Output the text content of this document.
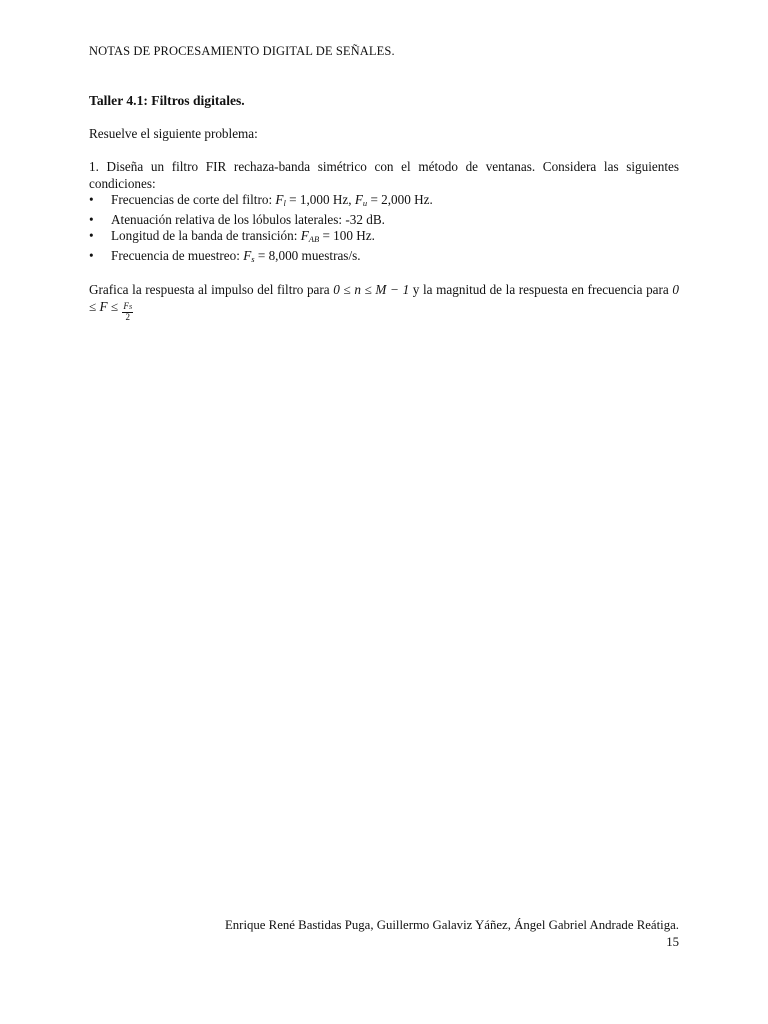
NOTAS DE PROCESAMIENTO DIGITAL DE SEÑALES.

Taller 4.1: Filtros digitales.

Resuelve el siguiente problema:

1. Diseña un filtro FIR rechaza-banda simétrico con el método de ventanas. Considera las siguientes condiciones:

•	Frecuencias de corte del filtro: $F_l = 1,000$ Hz, $F_u = 2,000$ Hz.
•	Atenuación relativa de los lóbulos laterales: -32 dB.
•	Longitud de la banda de transición: $F_{AB} = 100$ Hz.
•	Frecuencia de muestreo: $F_s = 8,000$ muestras/s.

Grafica la respuesta al impulso del filtro para 0 ≤ n ≤ M − 1 y la magnitud de la respuesta en frecuencia para $0 \le F \le \frac{FS}{2}$

Enrique René Bastidas Puga, Guillermo Galaviz Yáñez, Ángel Gabriel Andrade Reátiga.
15
